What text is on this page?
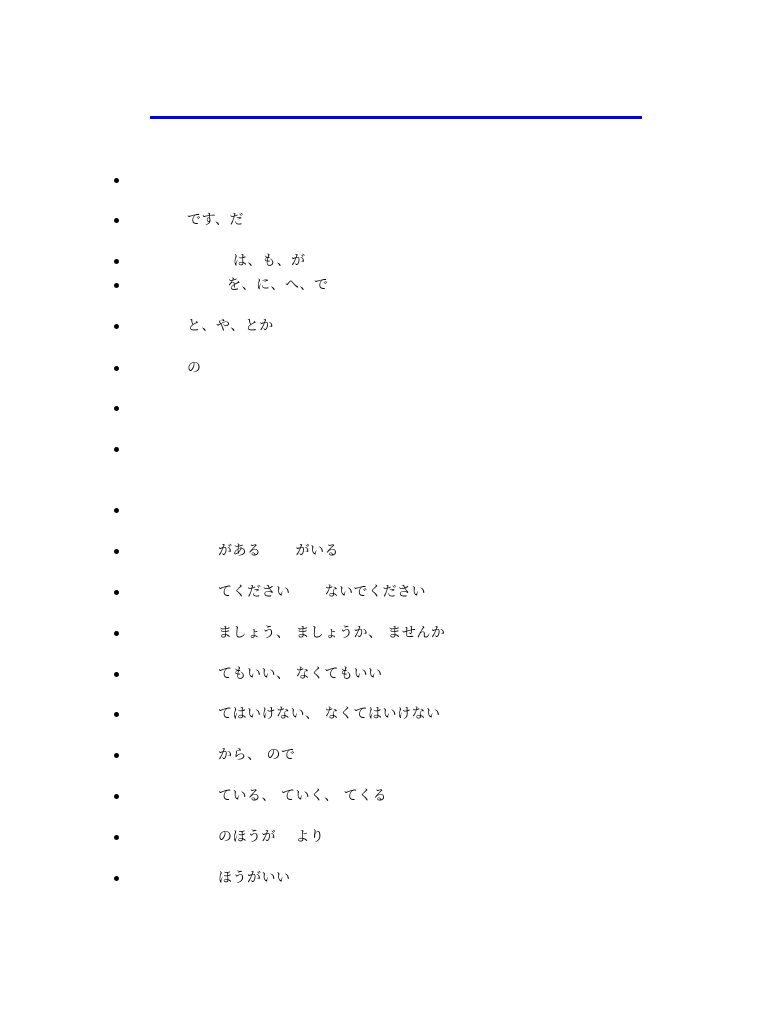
です、だ
は、も、が
を、に、へ、で
と、や、とか
の
がある　　 がいる
てください　　 ないでください
ましょう、 ましょうか、 ませんか
てもいい、 なくてもいい
てはいけない、 なくてはいけない
から、 ので
ている、 ていく、 てくる
のほうが　 より
ほうがいい
